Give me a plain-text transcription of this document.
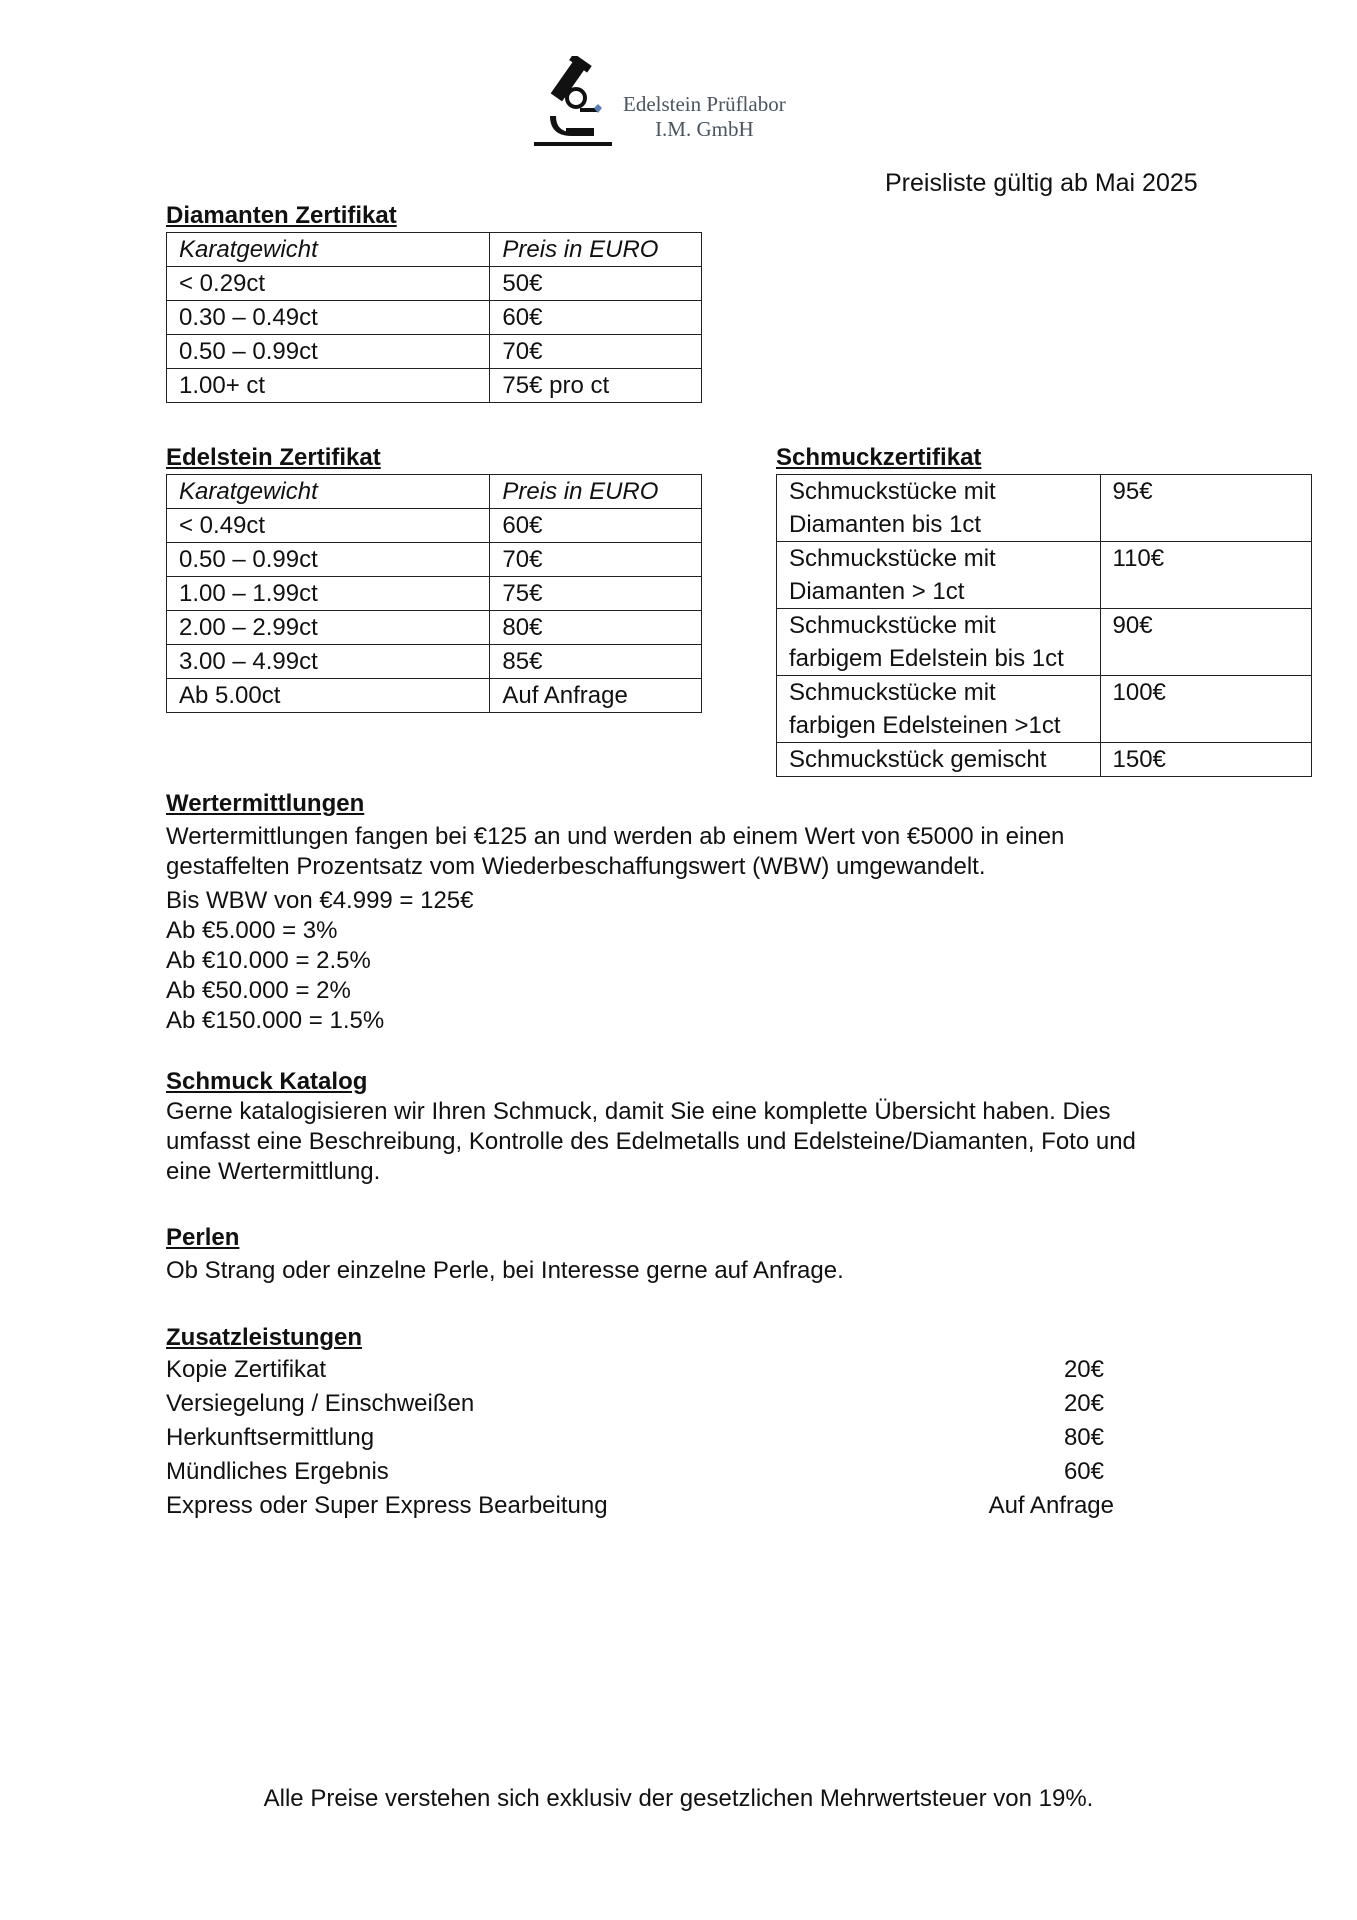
Edelstein Prüflabor
I.M. GmbH
Preisliste gültig ab Mai 2025
Diamanten Zertifikat
Karatgewicht	Preis in EURO
< 0.29ct	50€
0.30 – 0.49ct	60€
0.50 – 0.99ct	70€
1.00+ ct	75€ pro ct
Edelstein Zertifikat
Karatgewicht	Preis in EURO
< 0.49ct	60€
0.50 – 0.99ct	70€
1.00 – 1.99ct	75€
2.00 – 2.99ct	80€
3.00 – 4.99ct	85€
Ab 5.00ct	Auf Anfrage
Schmuckzertifikat
Schmuckstücke mit
Diamanten bis 1ct	95€

Schmuckstücke mit
Diamanten > 1ct	110€

Schmuckstücke mit
farbigem Edelstein bis 1ct	90€

Schmuckstücke mit
farbigen Edelsteinen >1ct	100€

Schmuckstück gemischt	150€
Wertermittlungen
Wertermittlungen fangen bei €125 an und werden ab einem Wert von €5000 in einen
gestaffelten Prozentsatz vom Wiederbeschaffungswert (WBW) umgewandelt.
Bis WBW von €4.999 = 125€
Ab €5.000 = 3%
Ab €10.000 = 2.5%
Ab €50.000 = 2%
Ab €150.000 = 1.5%
Schmuck Katalog
Gerne katalogisieren wir Ihren Schmuck, damit Sie eine komplette Übersicht haben. Dies
umfasst eine Beschreibung, Kontrolle des Edelmetalls und Edelsteine/Diamanten, Foto und
eine Wertermittlung.
Perlen
Ob Strang oder einzelne Perle, bei Interesse gerne auf Anfrage.
Zusatzleistungen
Kopie Zertifikat	20€
Versiegelung / Einschweißen	20€
Herkunftsermittlung	80€
Mündliches Ergebnis	60€
Express oder Super Express Bearbeitung	Auf Anfrage
Alle Preise verstehen sich exklusiv der gesetzlichen Mehrwertsteuer von 19%.
